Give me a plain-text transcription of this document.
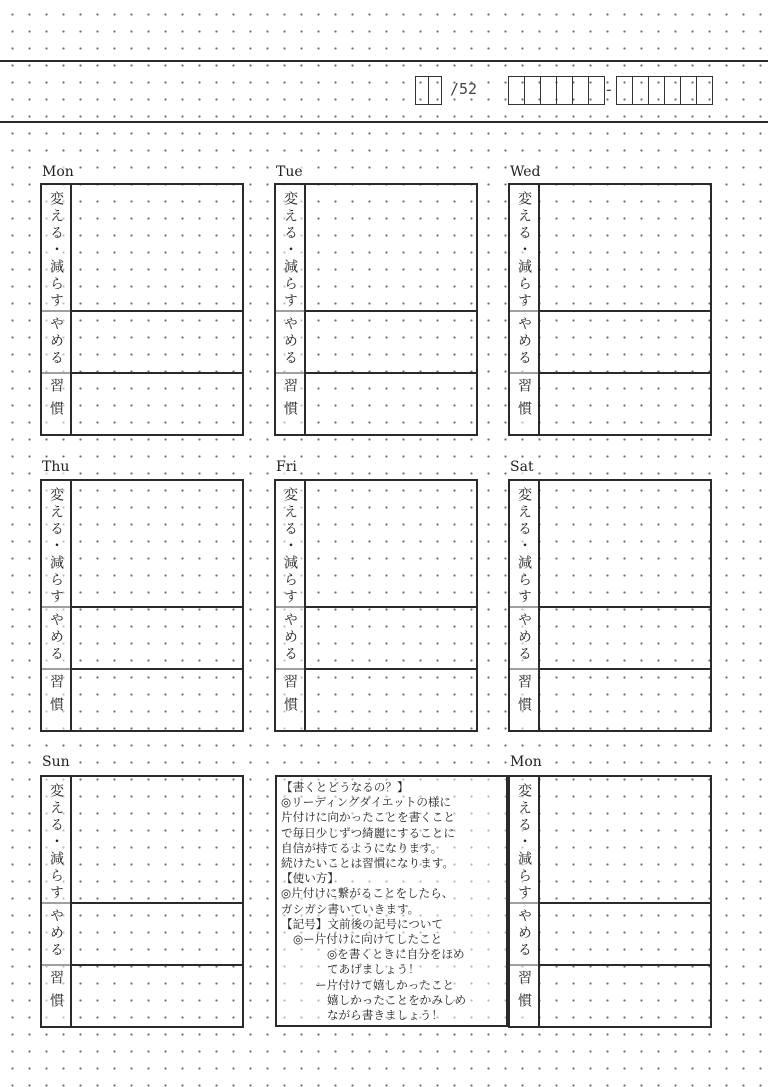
/52	-
Mon
変える・減らす
やめる
習慣
Tue
変える・減らす
やめる
習慣
Wed
変える・減らす
やめる
習慣
Thu
変える・減らす
やめる
習慣
Fri
変える・減らす
やめる
習慣
Sat
変える・減らす
やめる
習慣
Sun
変える・減らす
やめる
習慣

【書くとどうなるの？】

◎リーディングダイエットの様に

片付けに向かったことを書くこと

で毎日少しずつ綺麗にすることに

自信が持てるようになります。

続けたいことは習慣になります。

【使い方】

◎片付けに繋がることをしたら、

ガシガシ書いていきます。

【記号】文前後の記号について

◎ー片付けに向けてしたこと

◎を書くときに自分をほめ

てあげましょう！

ー片付けて嬉しかったこと

嬉しかったことをかみしめ

ながら書きましょう！

Mon
変える・減らす
やめる
習慣
